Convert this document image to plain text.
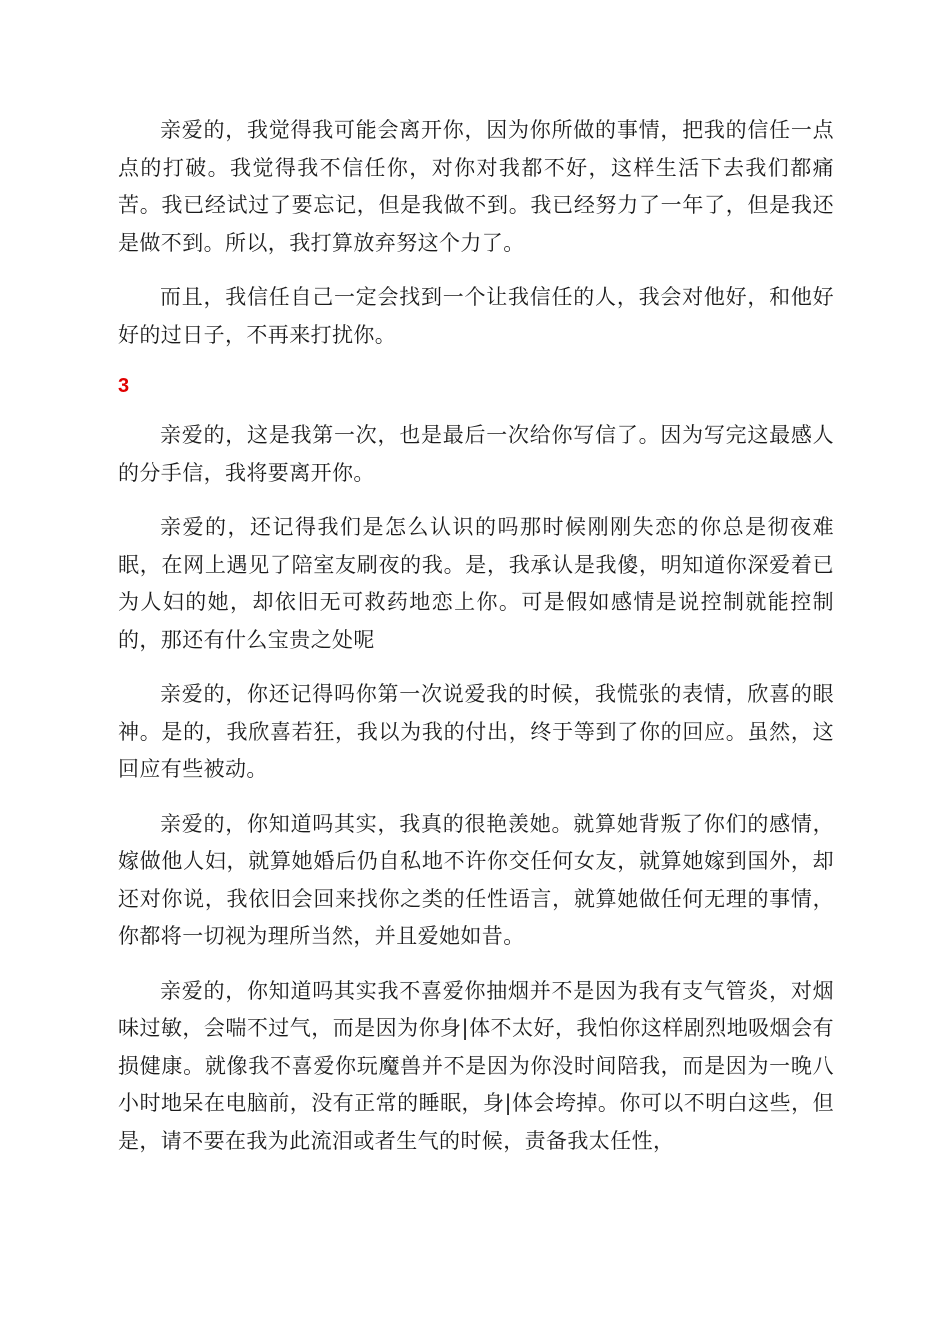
亲爱的，我觉得我可能会离开你，因为你所做的事情，把我的信任一点点的打破。我觉得我不信任你，对你对我都不好，这样生活下去我们都痛苦。我已经试过了要忘记，但是我做不到。我已经努力了一年了，但是我还是做不到。所以，我打算放弃努这个力了。

而且，我信任自己一定会找到一个让我信任的人，我会对他好，和他好好的过日子，不再来打扰你。

3

亲爱的，这是我第一次，也是最后一次给你写信了。因为写完这最感人的分手信，我将要离开你。

亲爱的，还记得我们是怎么认识的吗那时候刚刚失恋的你总是彻夜难眠，在网上遇见了陪室友刷夜的我。是，我承认是我傻，明知道你深爱着已为人妇的她，却依旧无可救药地恋上你。可是假如感情是说控制就能控制的，那还有什么宝贵之处呢

亲爱的，你还记得吗你第一次说爱我的时候，我慌张的表情，欣喜的眼神。是的，我欣喜若狂，我以为我的付出，终于等到了你的回应。虽然，这回应有些被动。

亲爱的，你知道吗其实，我真的很艳羡她。就算她背叛了你们的感情，嫁做他人妇，就算她婚后仍自私地不许你交任何女友，就算她嫁到国外，却还对你说，我依旧会回来找你之类的任性语言，就算她做任何无理的事情，你都将一切视为理所当然，并且爱她如昔。

亲爱的，你知道吗其实我不喜爱你抽烟并不是因为我有支气管炎，对烟味过敏，会喘不过气，而是因为你身|体不太好，我怕你这样剧烈地吸烟会有损健康。就像我不喜爱你玩魔兽并不是因为你没时间陪我，而是因为一晚八小时地呆在电脑前，没有正常的睡眠，身|体会垮掉。你可以不明白这些，但是，请不要在我为此流泪或者生气的时候，责备我太任性，
